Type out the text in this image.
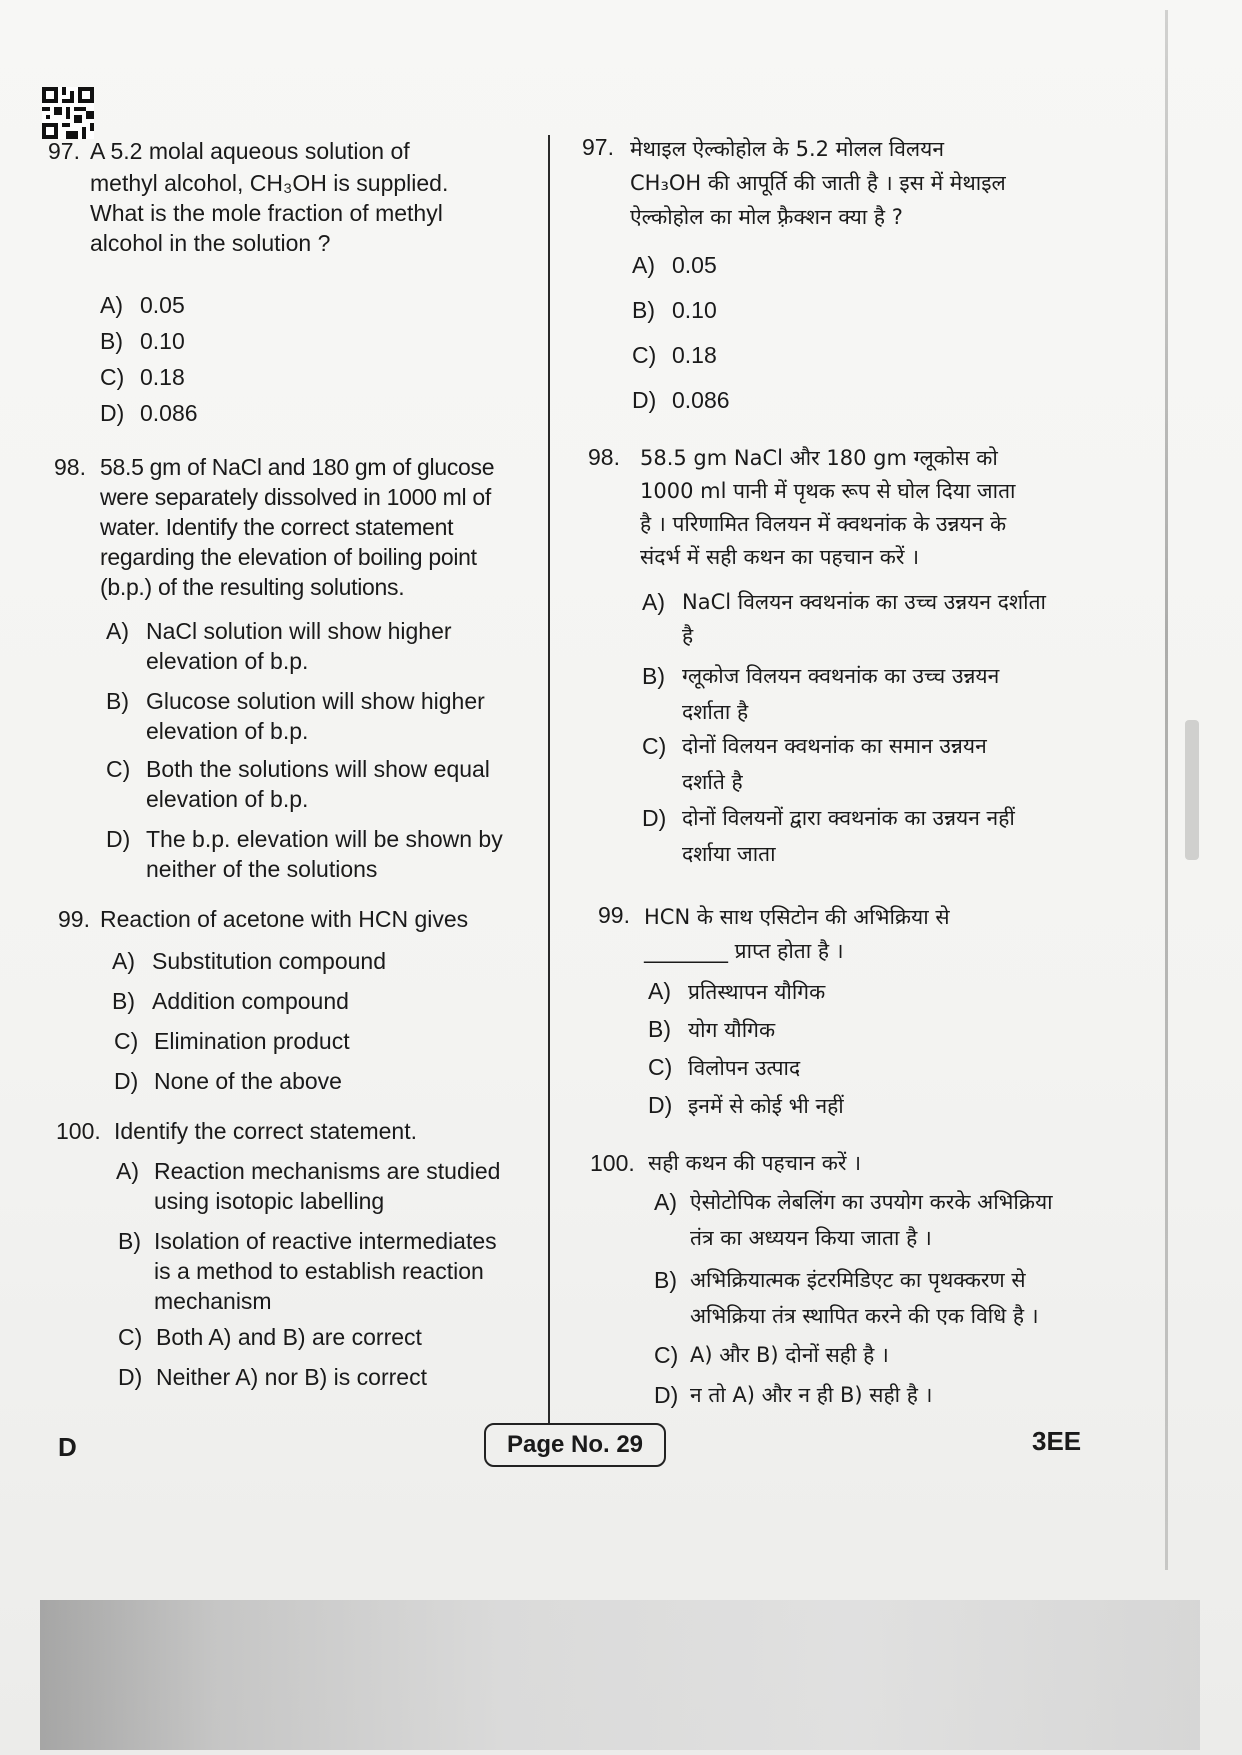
97. A 5.2 molal aqueous solution of
methyl alcohol, CH₃OH is supplied.
What is the mole fraction of methyl
alcohol in the solution ?
A) 0.05
B) 0.10
C) 0.18
D) 0.086
98. 58.5 gm of NaCl and 180 gm of glucose
were separately dissolved in 1000 ml of
water. Identify the correct statement
regarding the elevation of boiling point
(b.p.) of the resulting solutions.
A) NaCl solution will show higher
elevation of b.p.
B) Glucose solution will show higher
elevation of b.p.
C) Both the solutions will show equal
elevation of b.p.
D) The b.p. elevation will be shown by
neither of the solutions
99. Reaction of acetone with HCN gives
A) Substitution compound
B) Addition compound
C) Elimination product
D) None of the above
100. Identify the correct statement.
A) Reaction mechanisms are studied
using isotopic labelling
B) Isolation of reactive intermediates
is a method to establish reaction
mechanism
C) Both A) and B) are correct
D) Neither A) nor B) is correct
97. मेथाइल ऐल्कोहोल के 5.2 मोलल विलयन
CH₃OH की आपूर्ति की जाती है । इस में मेथाइल
ऐल्कोहोल का मोल फ़्रैक्शन क्या है ?
A) 0.05
B) 0.10
C) 0.18
D) 0.086
98. 58.5 gm NaCl और 180 gm ग्लूकोस को
1000 ml पानी में पृथक रूप से घोल दिया जाता
है । परिणामित विलयन में क्वथनांक के उन्नयन के
संदर्भ में सही कथन का पहचान करें ।
A) NaCl विलयन क्वथनांक का उच्च उन्नयन दर्शाता
है
B) ग्लूकोज विलयन क्वथनांक का उच्च उन्नयन
दर्शाता है
C) दोनों विलयन क्वथनांक का समान उन्नयन
दर्शाते है
D) दोनों विलयनों द्वारा क्वथनांक का उन्नयन नहीं
दर्शाया जाता
99. HCN के साथ एसिटोन की अभिक्रिया से
________ प्राप्त होता है ।
A) प्रतिस्थापन यौगिक
B) योग यौगिक
C) विलोपन उत्पाद
D) इनमें से कोई भी नहीं
100. सही कथन की पहचान करें ।
A) ऐसोटोपिक लेबलिंग का उपयोग करके अभिक्रिया
तंत्र का अध्ययन किया जाता है ।
B) अभिक्रियात्मक इंटरमिडिएट का पृथक्करण से
अभिक्रिया तंत्र स्थापित करने की एक विधि है ।
C) A) और B) दोनों सही है ।
D) न तो A) और न ही B) सही है ।
D	Page No. 29	3EE
